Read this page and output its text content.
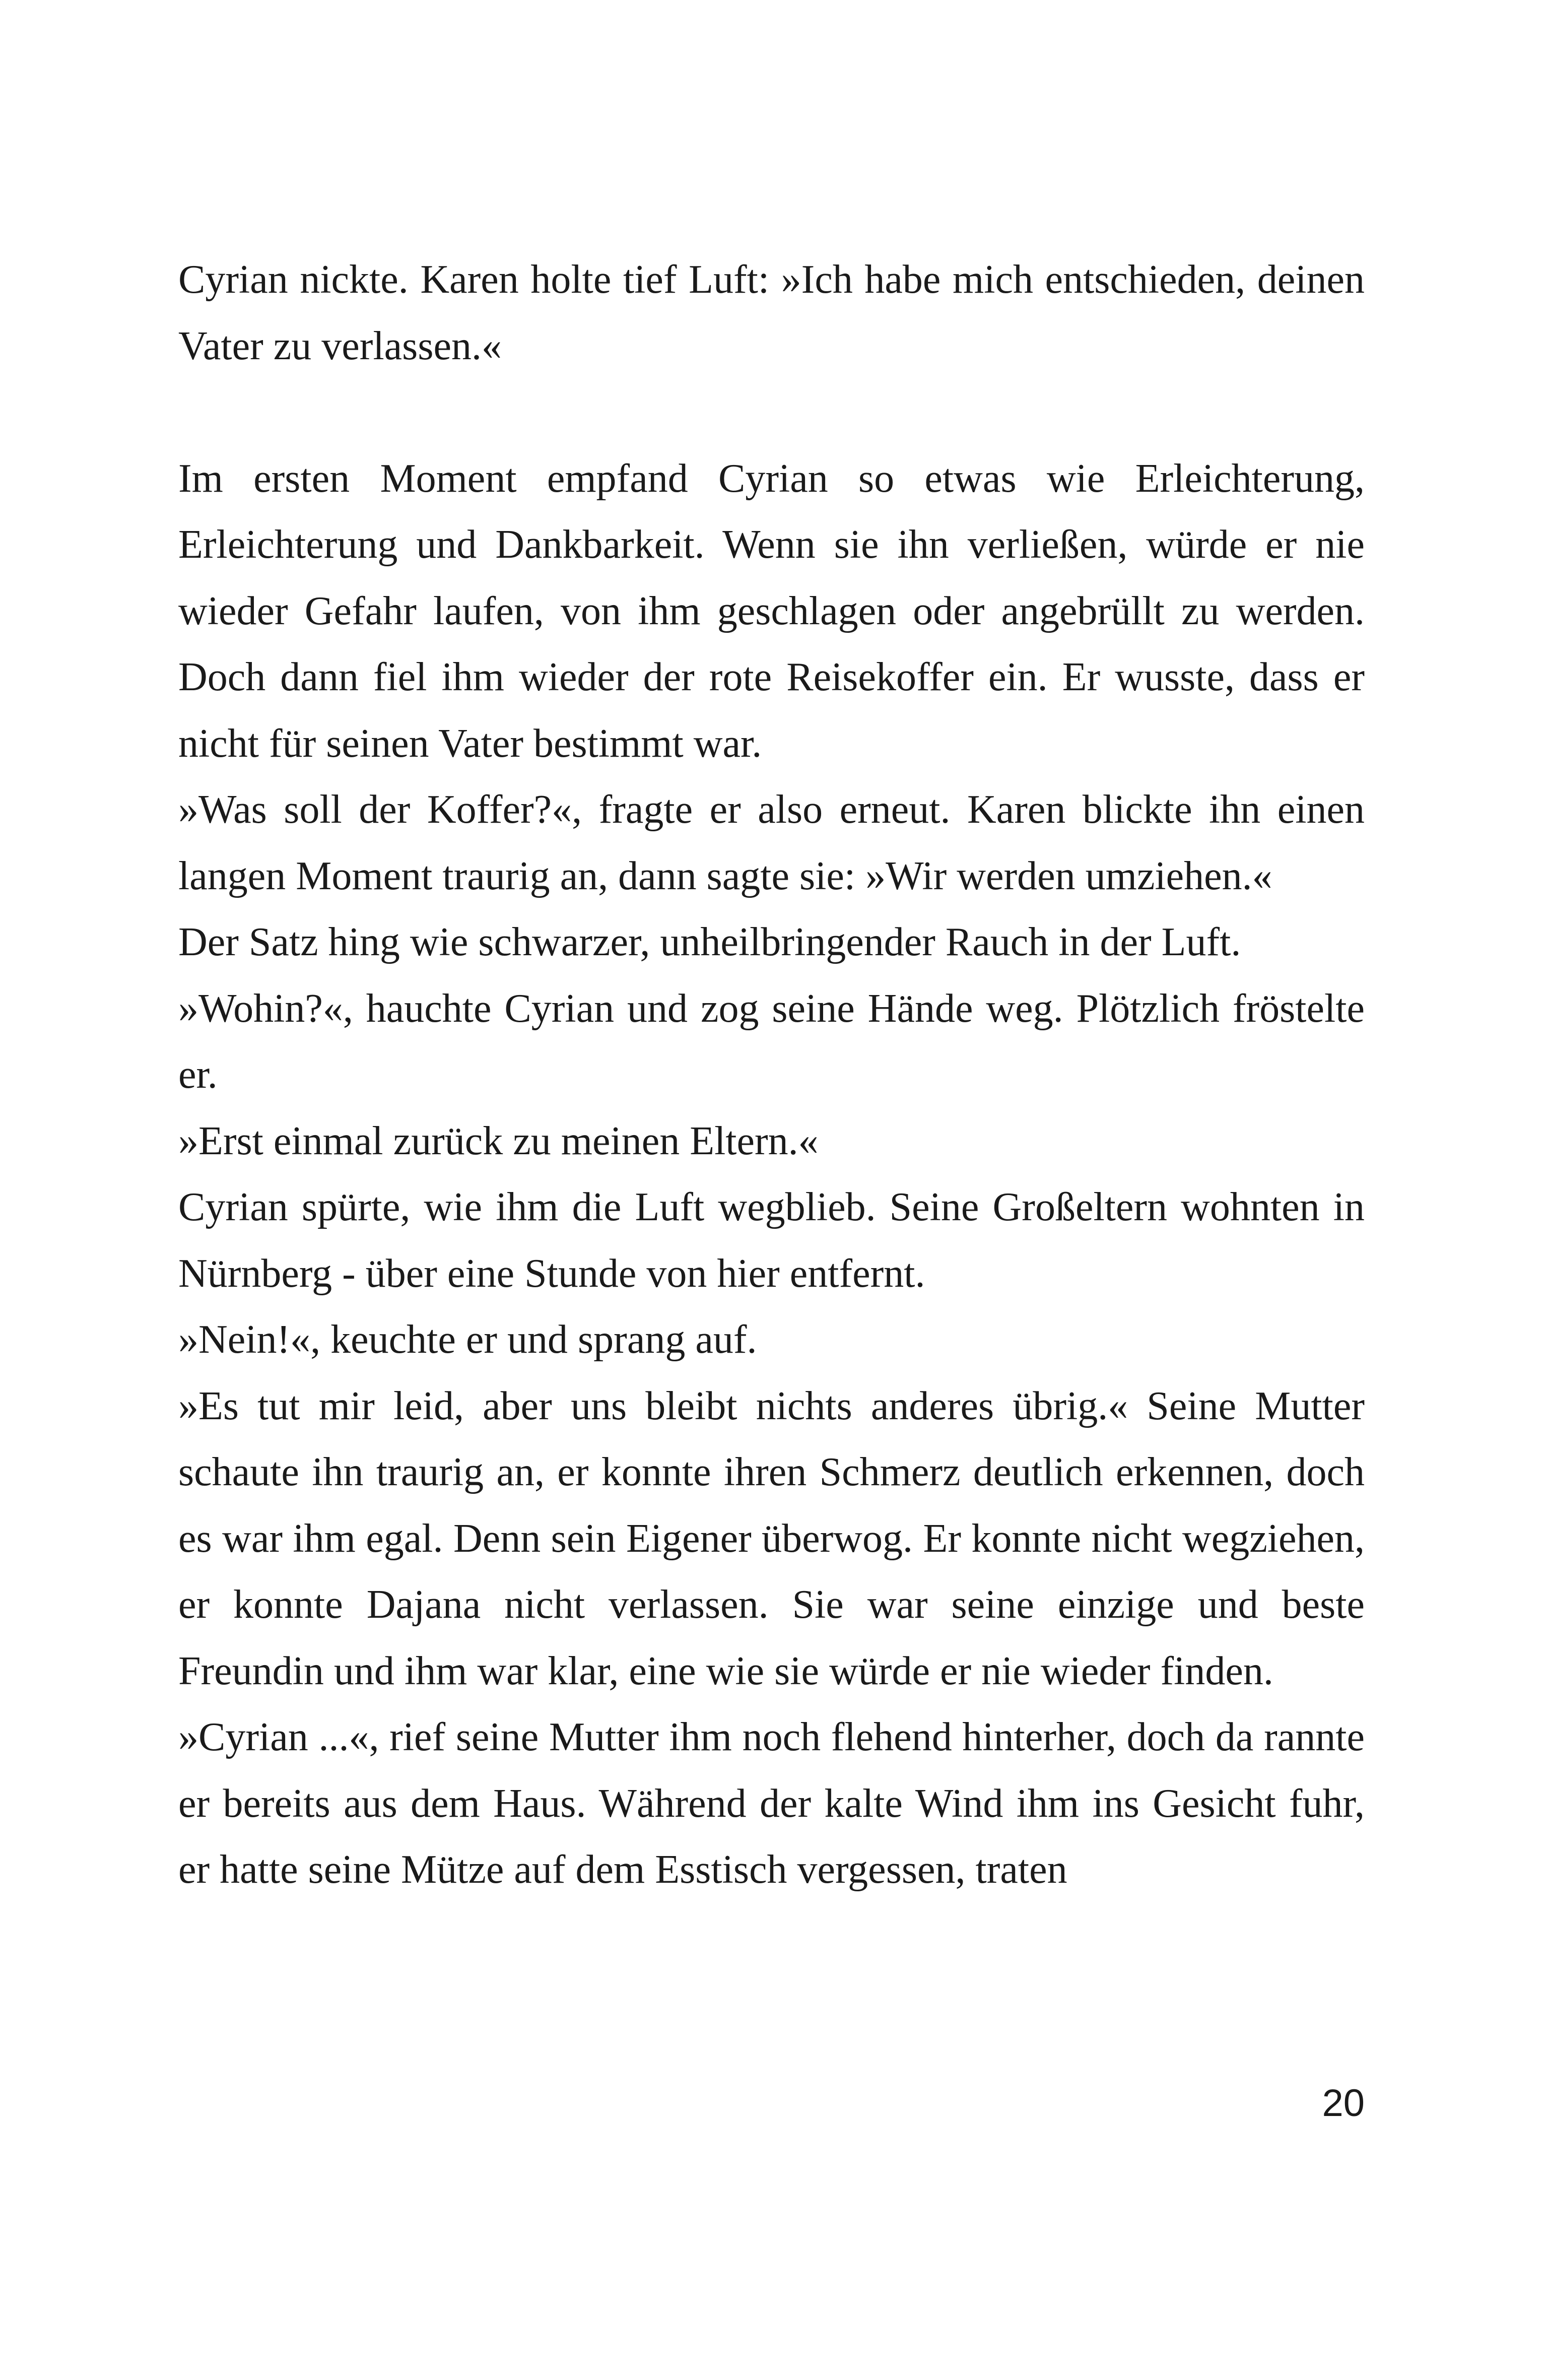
Cyrian nickte. Karen holte tief Luft: »Ich habe mich entschieden, deinen Vater zu verlassen.«

Im ersten Moment empfand Cyrian so etwas wie Erleichterung, Erleichterung und Dankbarkeit. Wenn sie ihn verließen, würde er nie wieder Gefahr laufen, von ihm geschlagen oder angebrüllt zu werden. Doch dann fiel ihm wieder der rote Reisekoffer ein. Er wusste, dass er nicht für seinen Vater bestimmt war.

»Was soll der Koffer?«, fragte er also erneut. Karen blickte ihn einen langen Moment traurig an, dann sagte sie: »Wir werden umziehen.«

Der Satz hing wie schwarzer, unheilbringender Rauch in der Luft.

»Wohin?«, hauchte Cyrian und zog seine Hände weg. Plötzlich fröstelte er.

»Erst einmal zurück zu meinen Eltern.«

Cyrian spürte, wie ihm die Luft wegblieb. Seine Großeltern wohnten in Nürnberg - über eine Stunde von hier entfernt.

»Nein!«, keuchte er und sprang auf.

»Es tut mir leid, aber uns bleibt nichts anderes übrig.« Seine Mutter schaute ihn traurig an, er konnte ihren Schmerz deutlich erkennen, doch es war ihm egal. Denn sein Eigener überwog. Er konnte nicht wegziehen, er konnte Dajana nicht verlassen. Sie war seine einzige und beste Freundin und ihm war klar, eine wie sie würde er nie wieder finden.

»Cyrian ...«, rief seine Mutter ihm noch flehend hinterher, doch da rannte er bereits aus dem Haus. Während der kalte Wind ihm ins Gesicht fuhr, er hatte seine Mütze auf dem Esstisch vergessen, traten

20
